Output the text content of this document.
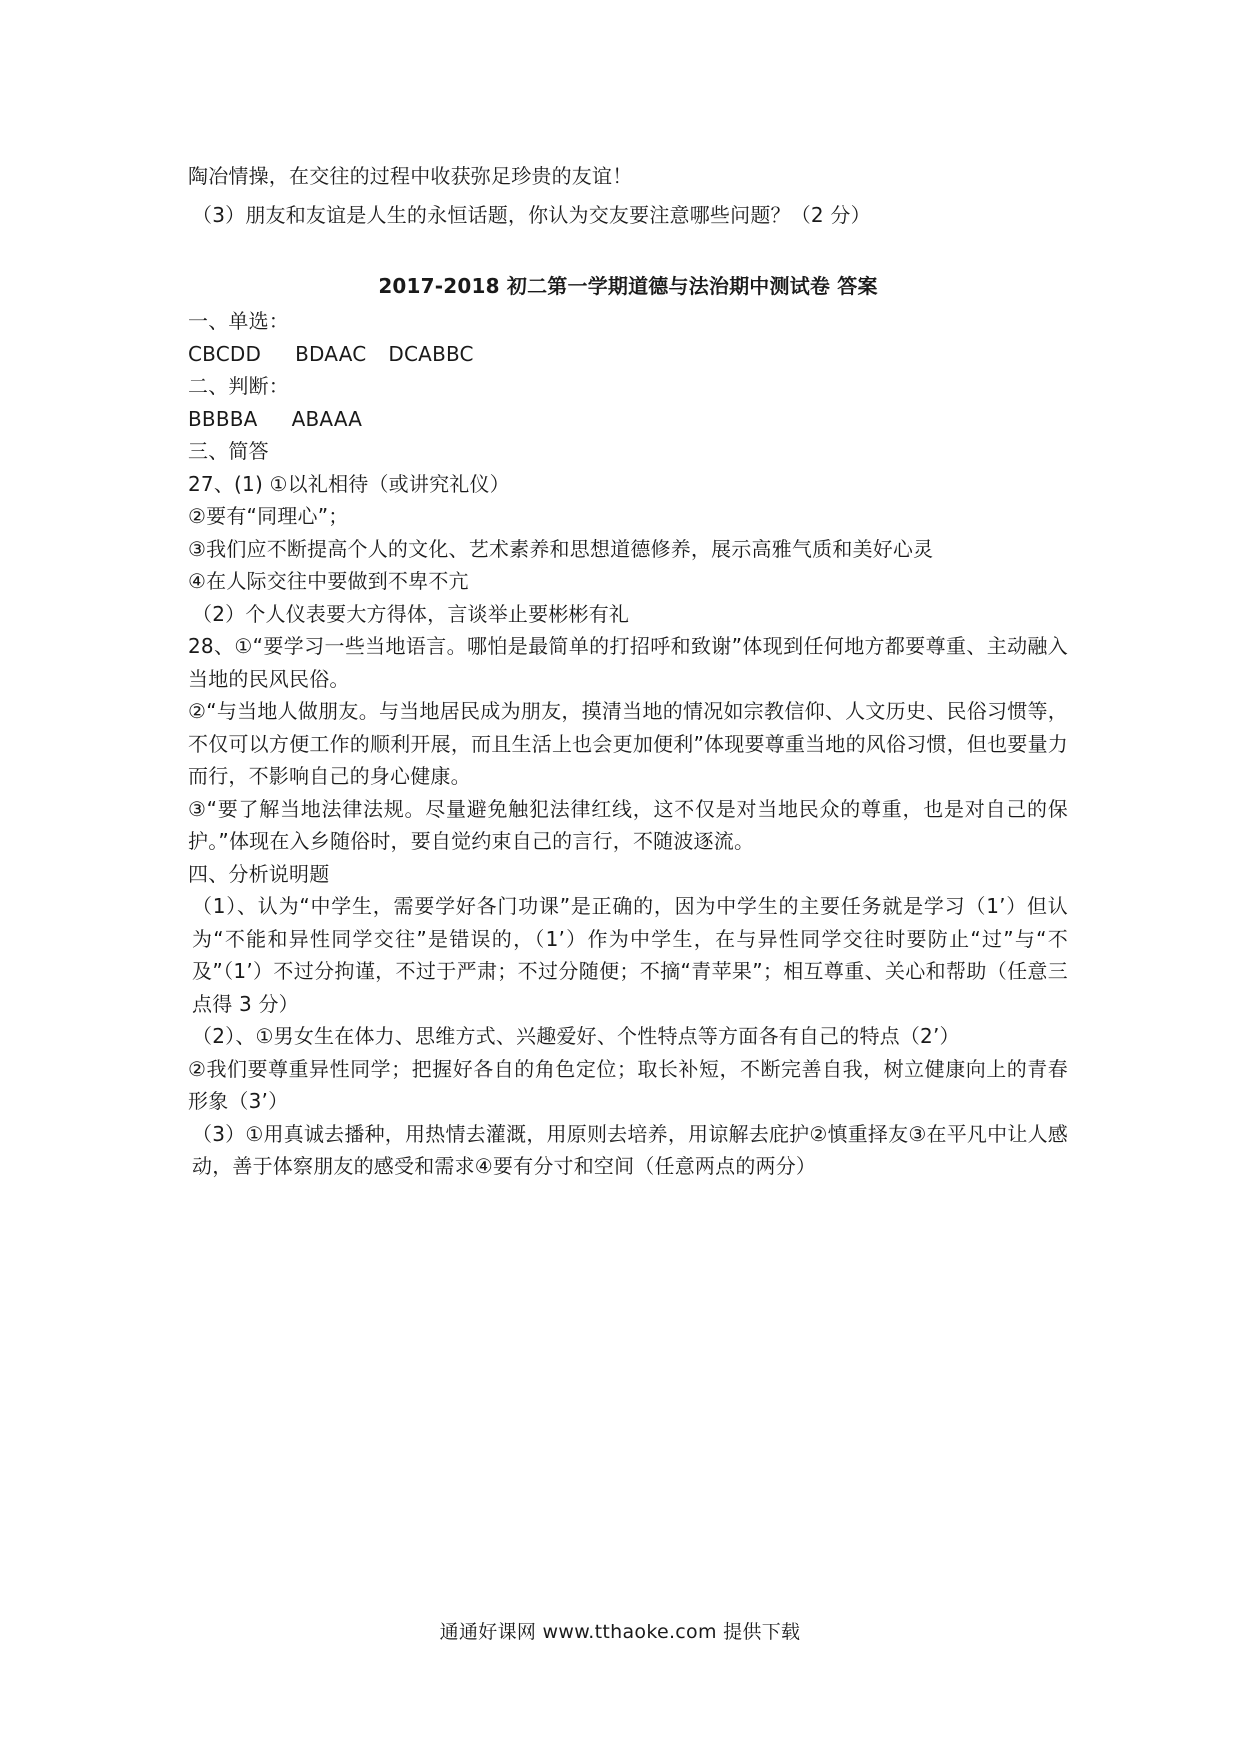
陶冶情操，在交往的过程中收获弥足珍贵的友谊！
（3）朋友和友谊是人生的永恒话题，你认为交友要注意哪些问题？（2 分）
2017-2018 初二第一学期道德与法治期中测试卷 答案
一、单选：
CBCDD BDAAC DCABBC
二、判断：
BBBBA ABAAA
三、简答
27、(1) ①以礼相待（或讲究礼仪）
②要有“同理心”；
③我们应不断提高个人的文化、艺术素养和思想道德修养，展示高雅气质和美好心灵
④在人际交往中要做到不卑不亢
（2）个人仪表要大方得体，言谈举止要彬彬有礼
28、①“要学习一些当地语言。哪怕是最简单的打招呼和致谢”体现到任何地方都要尊重、主动融入当地的民风民俗。
②“与当地人做朋友。与当地居民成为朋友，摸清当地的情况如宗教信仰、人文历史、民俗习惯等，不仅可以方便工作的顺利开展，而且生活上也会更加便利”体现要尊重当地的风俗习惯，但也要量力而行，不影响自己的身心健康。
③“要了解当地法律法规。尽量避免触犯法律红线，这不仅是对当地民众的尊重，也是对自己的保护。”体现在入乡随俗时，要自觉约束自己的言行，不随波逐流。
四、分析说明题
（1）、认为“中学生，需要学好各门功课”是正确的，因为中学生的主要任务就是学习（1’）但认为“不能和异性同学交往”是错误的，（1’）作为中学生，在与异性同学交往时要防止“过”与“不及”（1’）不过分拘谨，不过于严肃；不过分随便；不摘“青苹果”；相互尊重、关心和帮助（任意三点得 3 分）
（2）、①男女生在体力、思维方式、兴趣爱好、个性特点等方面各有自己的特点（2’）
②我们要尊重异性同学；把握好各自的角色定位；取长补短，不断完善自我，树立健康向上的青春形象（3’）
（3）①用真诚去播种，用热情去灌溉，用原则去培养，用谅解去庇护②慎重择友③在平凡中让人感动，善于体察朋友的感受和需求④要有分寸和空间（任意两点的两分）
通通好课网 www.tthaoke.com 提供下载
